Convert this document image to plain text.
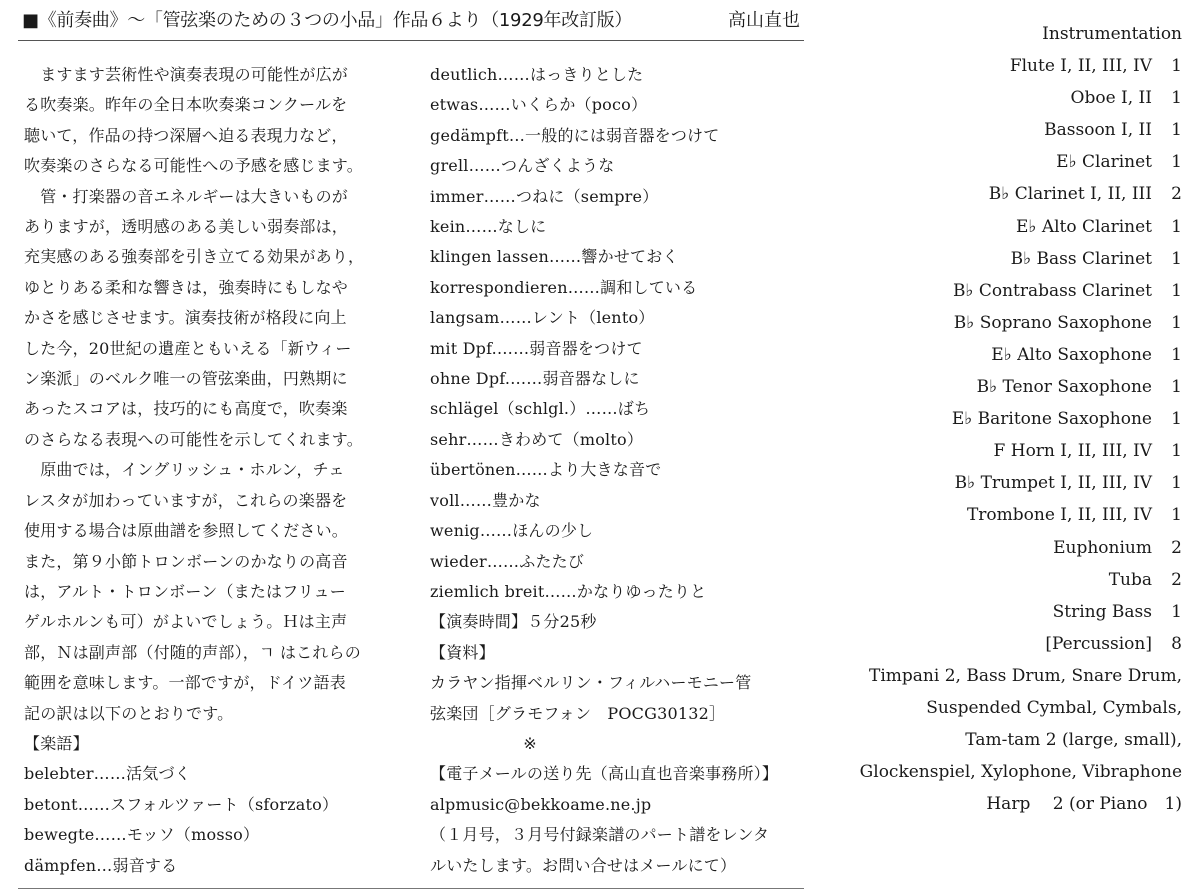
■《前奏曲》〜「管弦楽のための３つの小品」作品６より（1929年改訂版）	高山直也
　ますます芸術性や演奏表現の可能性が広が
る吹奏楽。昨年の全日本吹奏楽コンクールを
聴いて，作品の持つ深層へ迫る表現力など，
吹奏楽のさらなる可能性への予感を感じます。
　管・打楽器の音エネルギーは大きいものが
ありますが，透明感のある美しい弱奏部は，
充実感のある強奏部を引き立てる効果があり，
ゆとりある柔和な響きは，強奏時にもしなや
かさを感じさせます。演奏技術が格段に向上
した今，20世紀の遺産ともいえる「新ウィー
ン楽派」のベルク唯一の管弦楽曲，円熟期に
あったスコアは，技巧的にも高度で，吹奏楽
のさらなる表現への可能性を示してくれます。
　原曲では，イングリッシュ・ホルン，チェ
レスタが加わっていますが，これらの楽器を
使用する場合は原曲譜を参照してください。
また，第９小節トロンボーンのかなりの高音
は，アルト・トロンボーン（またはフリュー
ゲルホルンも可）がよいでしょう。Ｈは主声
部，Ｎは副声部（付随的声部），ㄱ はこれらの
範囲を意味します。一部ですが，ドイツ語表
記の訳は以下のとおりです。
【楽語】
belebter……活気づく
betont……スフォルツァート（sforzato）
bewegte……モッソ（mosso）
dämpfen…弱音する
deutlich……はっきりとした
etwas……いくらか（poco）
gedämpft…一般的には弱音器をつけて
grell……つんざくような
immer……つねに（sempre）
kein……なしに
klingen lassen……響かせておく
korrespondieren……調和している
langsam……レント（lento）
mit Dpf.……弱音器をつけて
ohne Dpf.……弱音器なしに
schlägel（schlgl.）……ばち
sehr……きわめて（molto）
übertönen……より大きな音で
voll……豊かな
wenig……ほんの少し
wieder……ふたたび
ziemlich breit……かなりゆったりと
【演奏時間】５分25秒
【資料】
カラヤン指揮ベルリン・フィルハーモニー管
弦楽団［グラモフォン　POCG30132］
※
【電子メールの送り先（高山直也音楽事務所）】
alpmusic@bekkoame.ne.jp
（１月号，３月号付録楽譜のパート譜をレンタ
ルいたします。お問い合せはメールにて）
Instrumentation
Flute I, II, III, IV 1
Oboe I, II 1
Bassoon I, II 1
E♭ Clarinet 1
B♭ Clarinet I, II, III 2
E♭ Alto Clarinet 1
B♭ Bass Clarinet 1
B♭ Contrabass Clarinet 1
B♭ Soprano Saxophone 1
E♭ Alto Saxophone 1
B♭ Tenor Saxophone 1
E♭ Baritone Saxophone 1
F Horn I, II, III, IV 1
B♭ Trumpet I, II, III, IV 1
Trombone I, II, III, IV 1
Euphonium 2
Tuba 2
String Bass 1
[Percussion] 8
Timpani 2, Bass Drum, Snare Drum,
Suspended Cymbal, Cymbals,
Tam-tam 2 (large, small),
Glockenspiel, Xylophone, Vibraphone
Harp　 2 (or Piano　1)
